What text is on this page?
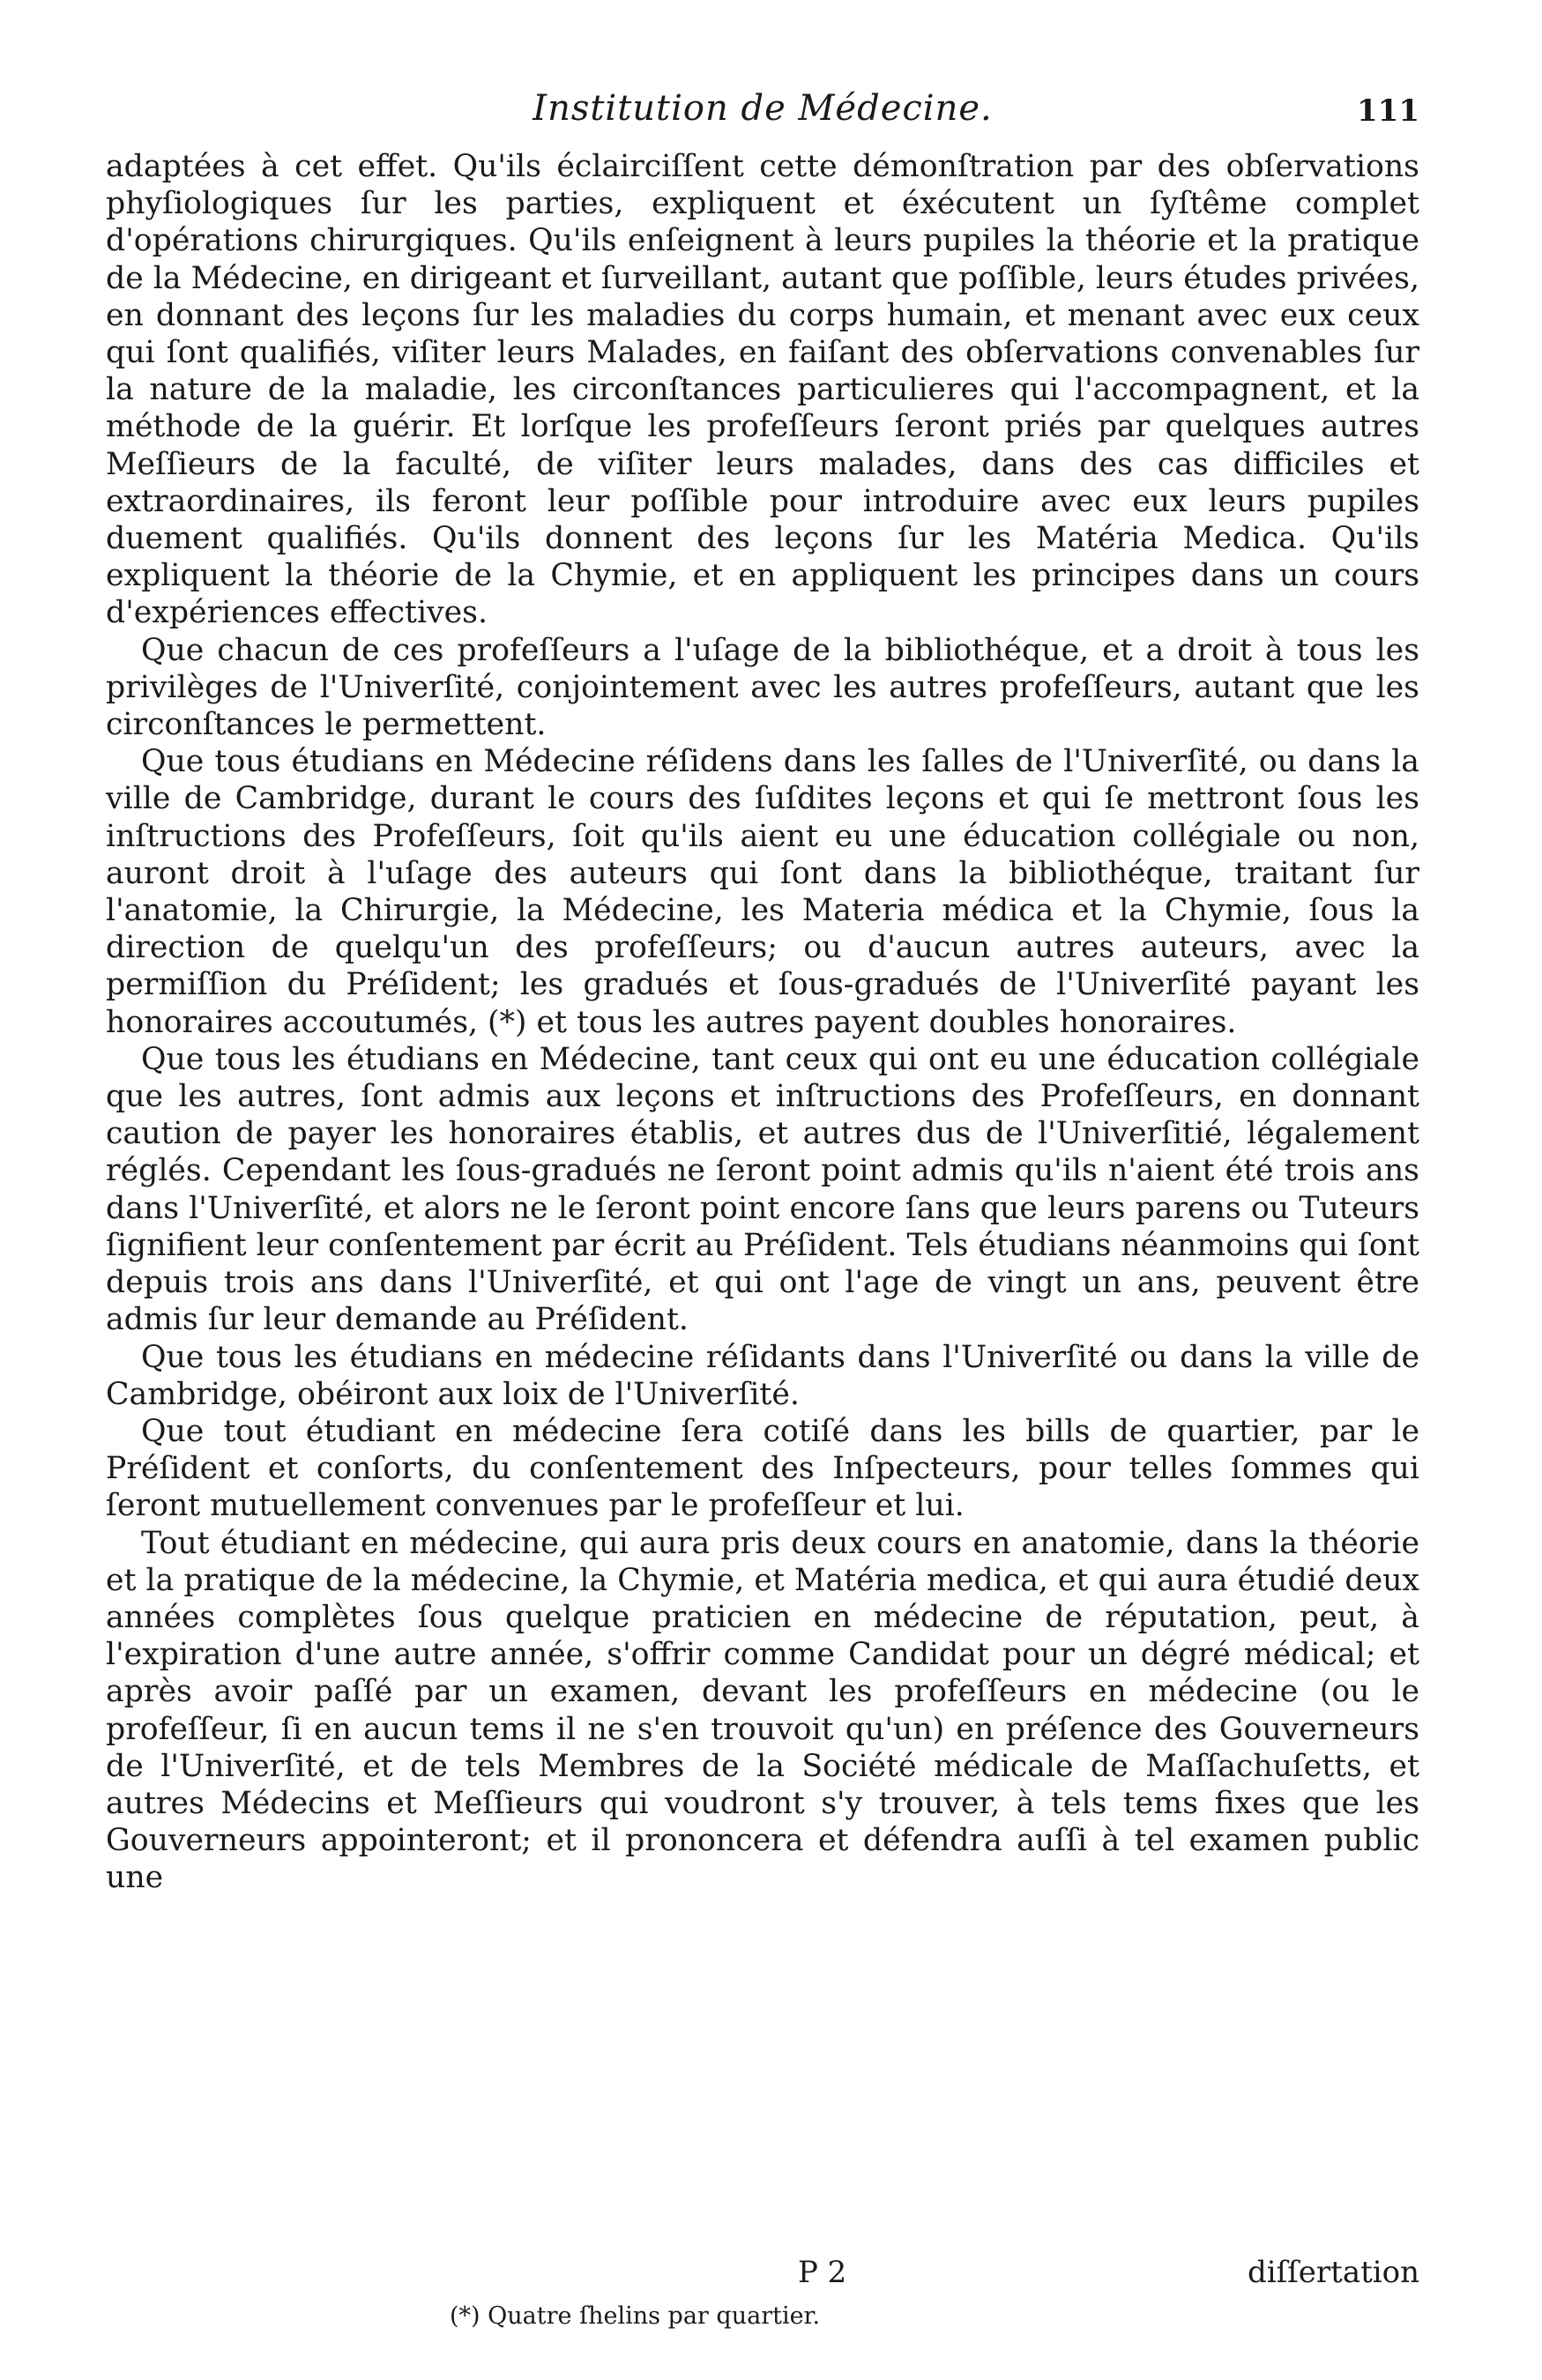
Institution de Médecine.	111

adaptées à cet effet. Qu'ils éclairciſſent cette démonſtration par des obſervations phyſiologiques ſur les parties, expliquent et éxécutent un ſyſtême complet d'opérations chirurgiques. Qu'ils enſeignent à leurs pupiles la théorie et la pratique de la Médecine, en dirigeant et ſurveillant, autant que poſſible, leurs études privées, en donnant des leçons ſur les maladies du corps humain, et menant avec eux ceux qui ſont qualifiés, viſiter leurs Malades, en faiſant des obſervations convenables ſur la nature de la maladie, les circonſtances particulieres qui l'accompagnent, et la méthode de la guérir. Et lorſque les profeſſeurs ſeront priés par quelques autres Meſſieurs de la faculté, de viſiter leurs malades, dans des cas difficiles et extraordinaires, ils feront leur poſſible pour introduire avec eux leurs pupiles duement qualifiés. Qu'ils donnent des leçons ſur les Matéria Medica. Qu'ils expliquent la théorie de la Chymie, et en appliquent les principes dans un cours d'expériences effectives.

Que chacun de ces profeſſeurs a l'uſage de la bibliothéque, et a droit à tous les privilèges de l'Univerſité, conjointement avec les autres profeſſeurs, autant que les circonſtances le permettent.

Que tous étudians en Médecine réſidens dans les ſalles de l'Univerſité, ou dans la ville de Cambridge, durant le cours des ſuſdites leçons et qui ſe mettront ſous les inſtructions des Profeſſeurs, ſoit qu'ils aient eu une éducation collégiale ou non, auront droit à l'uſage des auteurs qui ſont dans la bibliothéque, traitant ſur l'anatomie, la Chirurgie, la Médecine, les Materia médica et la Chymie, ſous la direction de quelqu'un des profeſſeurs; ou d'aucun autres auteurs, avec la permiſſion du Préſident; les gradués et ſous-gradués de l'Univerſité payant les honoraires accoutumés, (*) et tous les autres payent doubles honoraires.

Que tous les étudians en Médecine, tant ceux qui ont eu une éducation collégiale que les autres, ſont admis aux leçons et inſtructions des Profeſſeurs, en donnant caution de payer les honoraires établis, et autres dus de l'Univerſitié, légalement réglés. Cependant les ſous-gradués ne ſeront point admis qu'ils n'aient été trois ans dans l'Univerſité, et alors ne le ſeront point encore ſans que leurs parens ou Tuteurs ſignifient leur conſentement par écrit au Préſident. Tels étudians néanmoins qui ſont depuis trois ans dans l'Univerſité, et qui ont l'age de vingt un ans, peuvent être admis ſur leur demande au Préſident.

Que tous les étudians en médecine réſidants dans l'Univerſité ou dans la ville de Cambridge, obéiront aux loix de l'Univerſité.

Que tout étudiant en médecine ſera cotiſé dans les bills de quartier, par le Préſident et conſorts, du conſentement des Inſpecteurs, pour telles ſommes qui ſeront mutuellement convenues par le profeſſeur et lui.

Tout étudiant en médecine, qui aura pris deux cours en anatomie, dans la théorie et la pratique de la médecine, la Chymie, et Matéria medica, et qui aura étudié deux années complètes ſous quelque praticien en médecine de réputation, peut, à l'expiration d'une autre année, s'offrir comme Candidat pour un dégré médical; et après avoir paſſé par un examen, devant les profeſſeurs en médecine (ou le profeſſeur, ſi en aucun tems il ne s'en trouvoit qu'un) en préſence des Gouverneurs de l'Univerſité, et de tels Membres de la Société médicale de Maſſachuſetts, et autres Médecins et Meſſieurs qui voudront s'y trouver, à tels tems fixes que les Gouverneurs appointeront; et il prononcera et défendra auſſi à tel examen public une

P 2	diſſertation
(*) Quatre ſhelins par quartier.
